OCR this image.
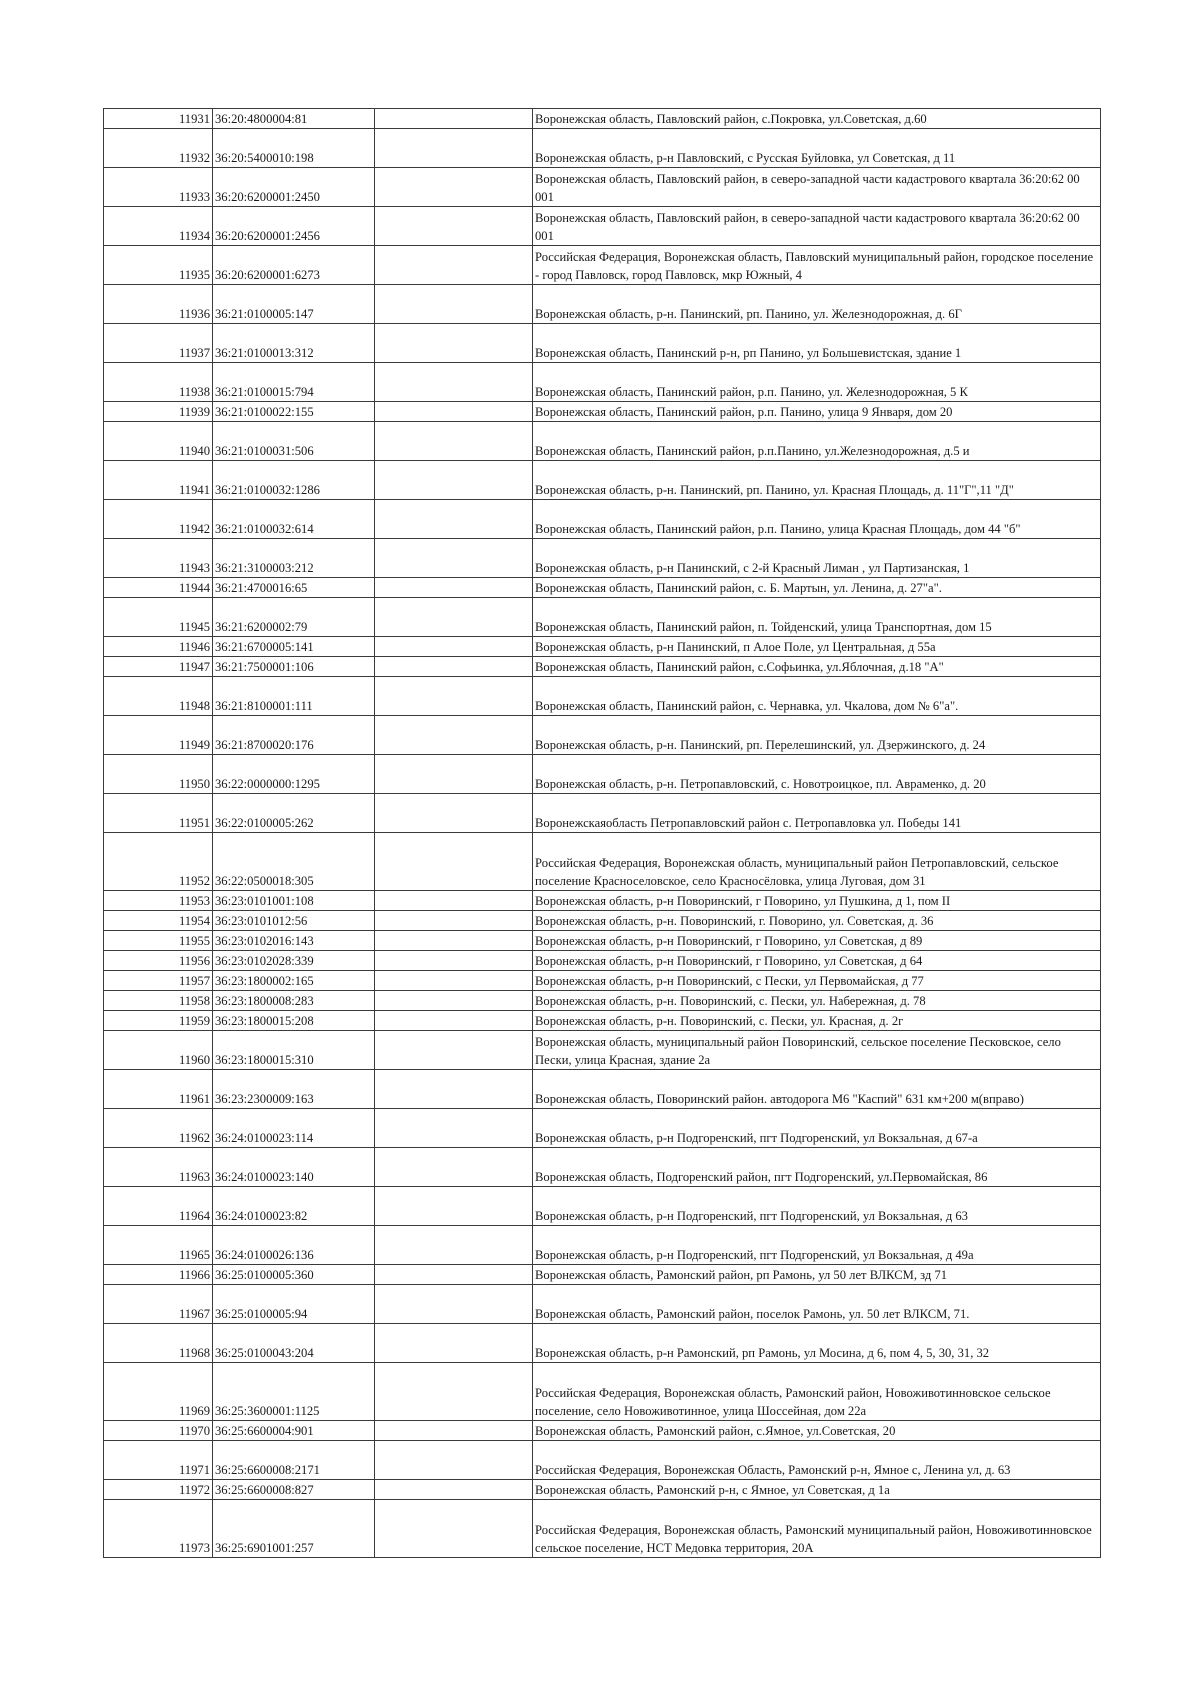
11931	36:20:4800004:81		Воронежская область, Павловский район, с.Покровка, ул.Советская, д.60
11932	36:20:5400010:198		Воронежская область, р-н Павловский, с Русская Буйловка, ул Советская, д 11
11933	36:20:6200001:2450		Воронежская область, Павловский район, в северо-западной части кадастрового квартала 36:20:62 00 001
11934	36:20:6200001:2456		Воронежская область, Павловский район, в северо-западной части кадастрового квартала 36:20:62 00 001
11935	36:20:6200001:6273		Российская Федерация, Воронежская область, Павловский муниципальный район, городское поселение - город Павловск, город Павловск, мкр Южный, 4
11936	36:21:0100005:147		Воронежская область, р-н. Панинский, рп. Панино, ул. Железнодорожная, д. 6Г
11937	36:21:0100013:312		Воронежская область, Панинский р-н, рп Панино, ул Большевистская, здание 1
11938	36:21:0100015:794		Воронежская область, Панинский район, р.п. Панино, ул. Железнодорожная, 5 К
11939	36:21:0100022:155		Воронежская область, Панинский район, р.п. Панино, улица 9 Января, дом 20
11940	36:21:0100031:506		Воронежская область, Панинский район, р.п.Панино, ул.Железнодорожная, д.5 и
11941	36:21:0100032:1286		Воронежская область, р-н. Панинский, рп. Панино, ул. Красная Площадь, д. 11"Г",11 "Д"
11942	36:21:0100032:614		Воронежская область, Панинский район, р.п. Панино, улица Красная Площадь, дом 44 "б"
11943	36:21:3100003:212		Воронежская область, р-н Панинский, с 2-й Красный Лиман , ул Партизанская, 1
11944	36:21:4700016:65		Воронежская область, Панинский район, с. Б. Мартын, ул. Ленина, д. 27"а".
11945	36:21:6200002:79		Воронежская область, Панинский район, п. Тойденский, улица Транспортная, дом 15
11946	36:21:6700005:141		Воронежская область, р-н Панинский, п Алое Поле, ул Центральная, д 55а
11947	36:21:7500001:106		Воронежская область, Панинский район, с.Софьинка, ул.Яблочная, д.18 "А"
11948	36:21:8100001:111		Воронежская область, Панинский район, с. Чернавка, ул. Чкалова, дом № 6"а".
11949	36:21:8700020:176		Воронежская область, р-н. Панинский, рп. Перелешинский, ул. Дзержинского, д. 24
11950	36:22:0000000:1295		Воронежская область, р-н. Петропавловский, с. Новотроицкое, пл. Авраменко, д. 20
11951	36:22:0100005:262		Воронежскаяобласть Петропавловский район с. Петропавловка ул. Победы 141
11952	36:22:0500018:305		Российская Федерация, Воронежская область, муниципальный район Петропавловский, сельское поселение Красноселовское, село Красносёловка, улица Луговая, дом 31
11953	36:23:0101001:108		Воронежская область, р-н Поворинский, г Поворино, ул Пушкина, д 1, пом II
11954	36:23:0101012:56		Воронежская область, р-н. Поворинский, г. Поворино, ул. Советская, д. 36
11955	36:23:0102016:143		Воронежская область, р-н Поворинский, г Поворино, ул Советская, д 89
11956	36:23:0102028:339		Воронежская область, р-н Поворинский, г Поворино, ул Советская, д 64
11957	36:23:1800002:165		Воронежская область, р-н Поворинский, с Пески, ул Первомайская, д 77
11958	36:23:1800008:283		Воронежская область, р-н. Поворинский, с. Пески, ул. Набережная, д. 78
11959	36:23:1800015:208		Воронежская область, р-н. Поворинский, с. Пески, ул. Красная, д. 2г
11960	36:23:1800015:310		Воронежская область, муниципальный район Поворинский, сельское поселение Песковское, село Пески, улица Красная, здание 2а
11961	36:23:2300009:163		Воронежская область, Поворинский район. автодорога М6 "Каспий" 631 км+200 м(вправо)
11962	36:24:0100023:114		Воронежская область, р-н Подгоренский, пгт Подгоренский, ул Вокзальная, д 67-а
11963	36:24:0100023:140		Воронежская область, Подгоренский район, пгт Подгоренский, ул.Первомайская, 86
11964	36:24:0100023:82		Воронежская область, р-н Подгоренский, пгт Подгоренский, ул Вокзальная, д 63
11965	36:24:0100026:136		Воронежская область, р-н Подгоренский, пгт Подгоренский, ул Вокзальная, д 49а
11966	36:25:0100005:360		Воронежская область, Рамонский район, рп Рамонь, ул 50 лет ВЛКСМ, зд 71
11967	36:25:0100005:94		Воронежская область, Рамонский район, поселок Рамонь, ул. 50 лет ВЛКСМ, 71.
11968	36:25:0100043:204		Воронежская область, р-н Рамонский, рп Рамонь, ул Мосина, д 6, пом 4, 5, 30, 31, 32
11969	36:25:3600001:1125		Российская Федерация, Воронежская область, Рамонский район, Новоживотинновское сельское поселение, село Новоживотинное, улица Шоссейная, дом 22а
11970	36:25:6600004:901		Воронежская область, Рамонский район, с.Ямное, ул.Советская, 20
11971	36:25:6600008:2171		Российская Федерация, Воронежская Область, Рамонский р-н, Ямное с, Ленина ул, д. 63
11972	36:25:6600008:827		Воронежская область, Рамонский р-н, с Ямное, ул Советская, д 1а
11973	36:25:6901001:257		Российская Федерация, Воронежская область, Рамонский муниципальный район, Новоживотинновское сельское поселение, НСТ Медовка территория, 20А
